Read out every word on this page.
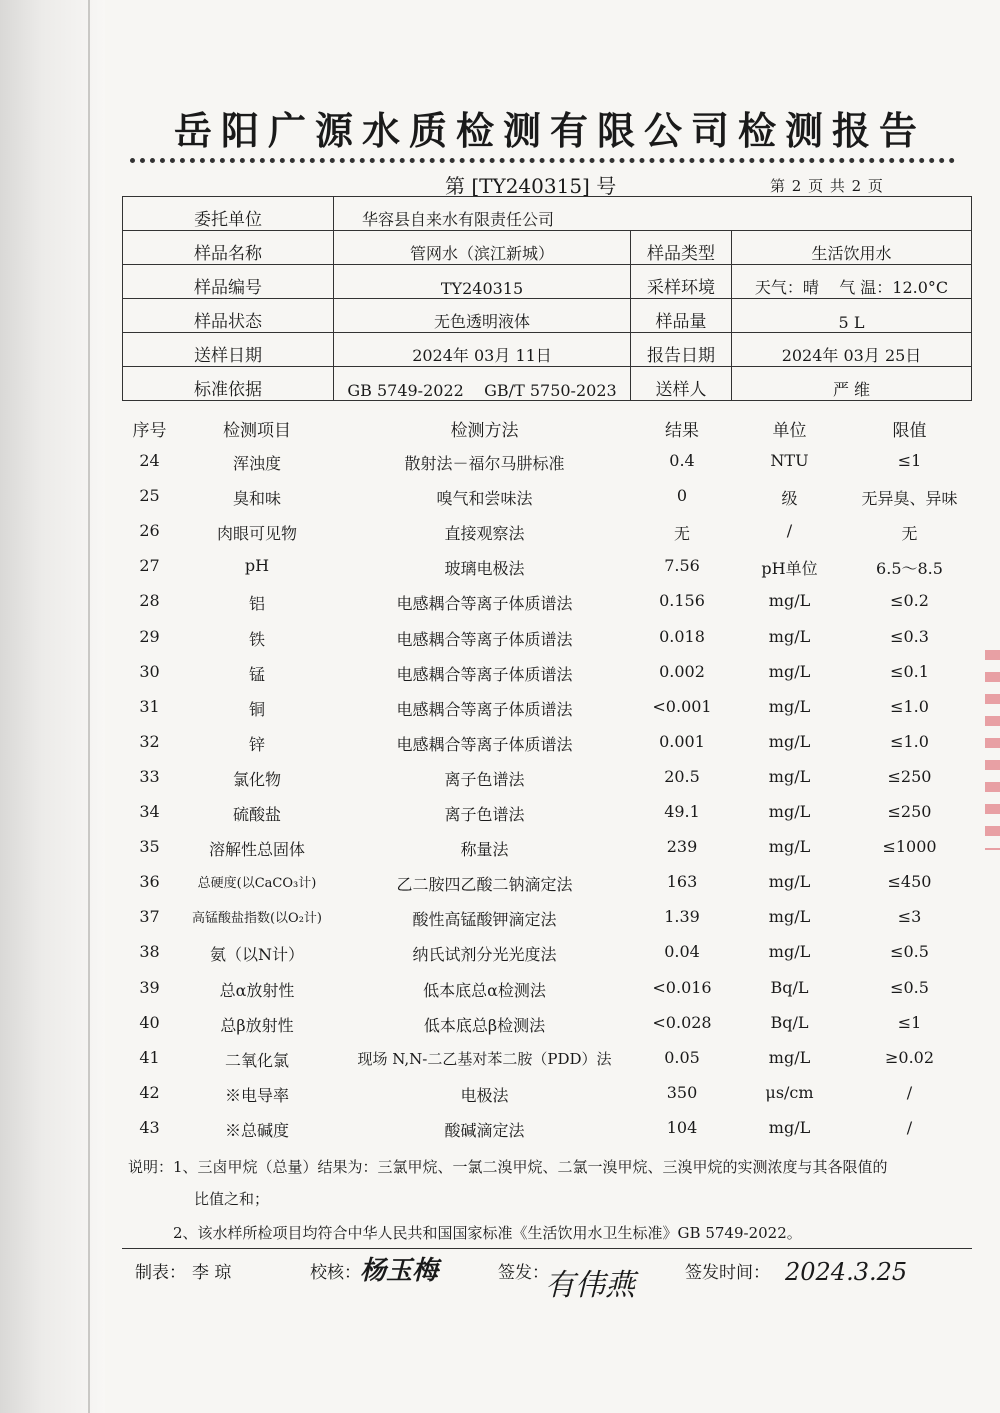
岳阳广源水质检测有限公司检测报告
第 [TY240315] 号	第 2 页 共 2 页
委托单位	华容县自来水有限责任公司		
样品名称	管网水（滨江新城）	样品类型	生活饮用水
样品编号	TY240315	采样环境	天气：晴    气 温：12.0°C
样品状态	无色透明液体	样品量	5 L
送样日期	2024年 03月 11日	报告日期	2024年 03月 25日
标准依据	GB 5749-2022    GB/T 5750-2023	送样人	严 维
序号	检测项目	检测方法	结果	单位	限值
24	浑浊度	散射法－福尔马肼标准	0.4	NTU	≤1
25	臭和味	嗅气和尝味法	0	级	无异臭、异味
26	肉眼可见物	直接观察法	无	/	无
27	pH	玻璃电极法	7.56	pH单位	6.5～8.5
28	铝	电感耦合等离子体质谱法	0.156	mg/L	≤0.2
29	铁	电感耦合等离子体质谱法	0.018	mg/L	≤0.3
30	锰	电感耦合等离子体质谱法	0.002	mg/L	≤0.1
31	铜	电感耦合等离子体质谱法	<0.001	mg/L	≤1.0
32	锌	电感耦合等离子体质谱法	0.001	mg/L	≤1.0
33	氯化物	离子色谱法	20.5	mg/L	≤250
34	硫酸盐	离子色谱法	49.1	mg/L	≤250
35	溶解性总固体	称量法	239	mg/L	≤1000
36	总硬度(以CaCO₃计)	乙二胺四乙酸二钠滴定法	163	mg/L	≤450
37	高锰酸盐指数(以O₂计)	酸性高锰酸钾滴定法	1.39	mg/L	≤3
38	氨（以N计）	纳氏试剂分光光度法	0.04	mg/L	≤0.5
39	总α放射性	低本底总α检测法	<0.016	Bq/L	≤0.5
40	总β放射性	低本底总β检测法	<0.028	Bq/L	≤1
41	二氧化氯	现场 N,N-二乙基对苯二胺（PDD）法	0.05	mg/L	≥0.02
42	※电导率	电极法	350	μs/cm	/
43	※总碱度	酸碱滴定法	104	mg/L	/
说明： 1、三卤甲烷（总量）结果为：三氯甲烷、一氯二溴甲烷、二氯一溴甲烷、三溴甲烷的实测浓度与其各限值的
比值之和；
2、该水样所检项目均符合中华人民共和国国家标准《生活饮用水卫生标准》GB 5749-2022。
制表： 李 琼	校核： 杨玉梅	签发：
有伟燕	签发时间： 2024.3.25
